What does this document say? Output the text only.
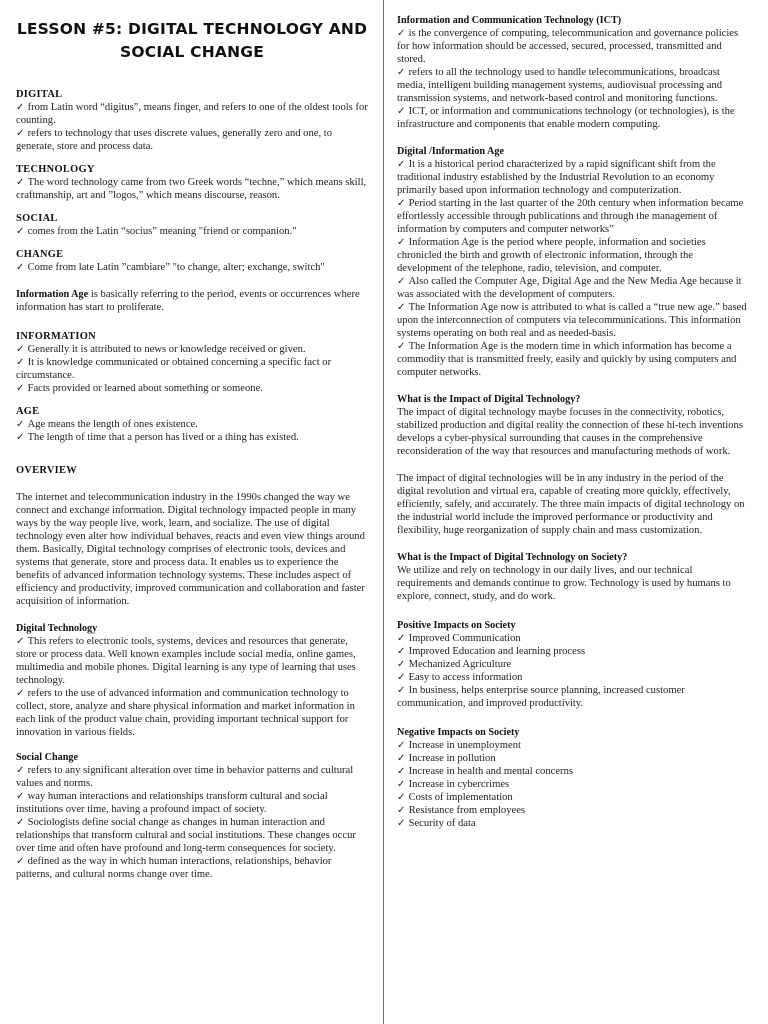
LESSON #5: DIGITAL TECHNOLOGY AND SOCIAL CHANGE
DIGITAL
✓ from Latin word “digitus”, means finger, and refers to one of the oldest tools for counting.
✓ refers to technology that uses discrete values, generally zero and one, to generate, store and process data.
TECHNOLOGY
✓ The word technology came from two Greek words “techne,” which means skill, craftmanship, art and ”logos,” which means discourse, reason.
SOCIAL
✓ comes from the Latin “socius” meaning "friend or companion."
CHANGE
✓ Come from late Latin ”cambiare” "to change, alter; exchange, switch"
Information Age is basically referring to the period, events or occurrences where information has start to proliferate.
INFORMATION
✓ Generally it is attributed to news or knowledge received or given.
✓ It is knowledge communicated or obtained concerning a specific fact or circumstance.
✓ Facts provided or learned about something or someone.
AGE
✓ Age means the length of ones existence.
✓ The length of time that a person has lived or a thing has existed.
OVERVIEW
The internet and telecommunication industry in the 1990s changed the way we connect and exchange information. Digital technology impacted people in many ways by the way people live, work, learn, and socialize. The use of digital technology even alter how individual behaves, reacts and even view things around them. Basically, Digital technology comprises of electronic tools, devices and systems that generate, store and process data. It enables us to experience the benefits of advanced information technology systems. These includes aspect of efficiency and productivity, improved communication and collaboration and faster acquisition of information.
Digital Technology
✓ This refers to electronic tools, systems, devices and resources that generate, store or process data. Well known examples include social media, online games, multimedia and mobile phones. Digital learning is any type of learning that uses technology.
✓ refers to the use of advanced information and communication technology to collect, store, analyze and share physical information and market information in each link of the product value chain, providing important technical support for innovation in various fields.
Social Change
✓ refers to any significant alteration over time in behavior patterns and cultural values and norms.
✓ way human interactions and relationships transform cultural and social institutions over time, having a profound impact of society.
✓ Sociologists define social change as changes in human interaction and relationships that transform cultural and social institutions. These changes occur over time and often have profound and long-term consequences for society.
✓ defined as the way in which human interactions, relationships, behavior patterns, and cultural norms change over time.
Information and Communication Technology (ICT)
✓ is the convergence of computing, telecommunication and governance policies for how information should be accessed, secured, processed, transmitted and stored.
✓ refers to all the technology used to handle telecommunications, broadcast media, intelligent building management systems, audiovisual processing and transmission systems, and network-based control and monitoring functions.
✓ ICT, or information and communications technology (or technologies), is the infrastructure and components that enable modern computing.
Digital /Information Age
✓ It is a historical period characterized by a rapid significant shift from the traditional industry established by the Industrial Revolution to an economy primarily based upon information technology and computerization.
✓ Period starting in the last quarter of the 20th century when information became effortlessly accessible through publications and through the management of information by computers and computer networks”
✓ Information Age is the period where people, information and societies chronicled the birth and growth of electronic information, through the development of the telephone, radio, television, and computer.
✓ Also called the Computer Age, Digital Age and the New Media Age because it was associated with the development of computers.
✓ The Information Age now is attributed to what is called a “true new age.” based upon the interconnection of computers via telecommunications. This information systems operating on both real and as needed-basis.
✓ The Information Age is the modern time in which information has become a commodity that is transmitted freely, easily and quickly by using computers and computer networks.
What is the Impact of Digital Technology?
The impact of digital technology maybe focuses in the connectivity, robotics, stabilized production and digital reality the connection of these hi-tech inventions develops a cyber-physical surrounding that causes in the comprehensive reconsideration of the way that resources and manufacturing methods of work.
The impact of digital technologies will be in any industry in the period of the digital revolution and virtual era, capable of creating more quickly, effectively, efficiently, safely, and accurately. The three main impacts of digital technology on the industrial world include the improved performance or productivity and flexibility, huge reorganization of supply chain and mass customization.
What is the Impact of Digital Technology on Society?
We utilize and rely on technology in our daily lives, and our technical requirements and demands continue to grow. Technology is used by humans to explore, connect, study, and do work.
Positive Impacts on Society
✓ Improved Communication
✓ Improved Education and learning process
✓ Mechanized Agriculture
✓ Easy to access information
✓ In business, helps enterprise source planning, increased customer communication, and improved productivity.
Negative Impacts on Society
✓ Increase in unemployment
✓ Increase in pollution
✓ Increase in health and mental concerns
✓ Increase in cybercrimes
✓ Costs of implementation
✓ Resistance from employees
✓ Security of data
